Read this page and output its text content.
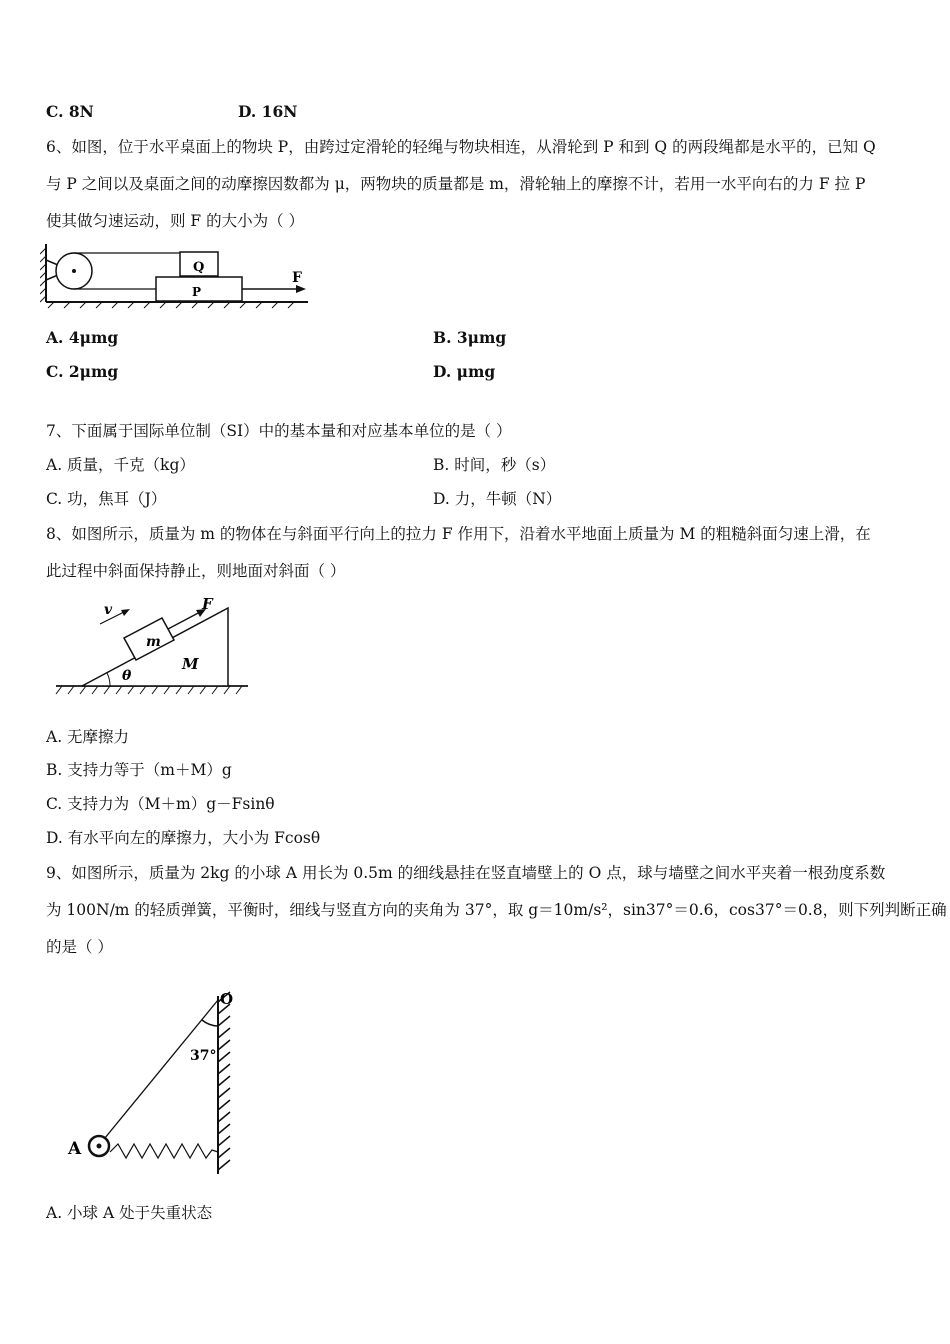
C. 8N	D. 16N
6、如图，位于水平桌面上的物块 P，由跨过定滑轮的轻绳与物块相连，从滑轮到 P 和到 Q 的两段绳都是水平的，已知 Q
与 P 之间以及桌面之间的动摩擦因数都为 μ，两物块的质量都是 m，滑轮轴上的摩擦不计，若用一水平向右的力 F 拉 P
使其做匀速运动，则 F 的大小为（ ）
Q
P
F
A. 4μmg	B. 3μmg
C. 2μmg	D. μmg
7、下面属于国际单位制（SI）中的基本量和对应基本单位的是（ ）
A. 质量，千克（kg）	B. 时间，秒（s）
C. 功，焦耳（J）	D. 力，牛顿（N）
8、如图所示，质量为 m 的物体在与斜面平行向上的拉力 F 作用下，沿着水平地面上质量为 M 的粗糙斜面匀速上滑，在
此过程中斜面保持静止，则地面对斜面（ ）
v	F
m
M
θ
A. 无摩擦力
B. 支持力等于（m＋M）g
C. 支持力为（M＋m）g－Fsinθ
D. 有水平向左的摩擦力，大小为 Fcosθ
9、如图所示，质量为 2kg 的小球 A 用长为 0.5m 的细线悬挂在竖直墙壁上的 O 点，球与墙壁之间水平夹着一根劲度系数
为 100N/m 的轻质弹簧，平衡时，细线与竖直方向的夹角为 37°，取 g＝10m/s²，sin37°＝0.6，cos37°＝0.8，则下列判断正确
的是（ ）
O
37°
A
A. 小球 A 处于失重状态
